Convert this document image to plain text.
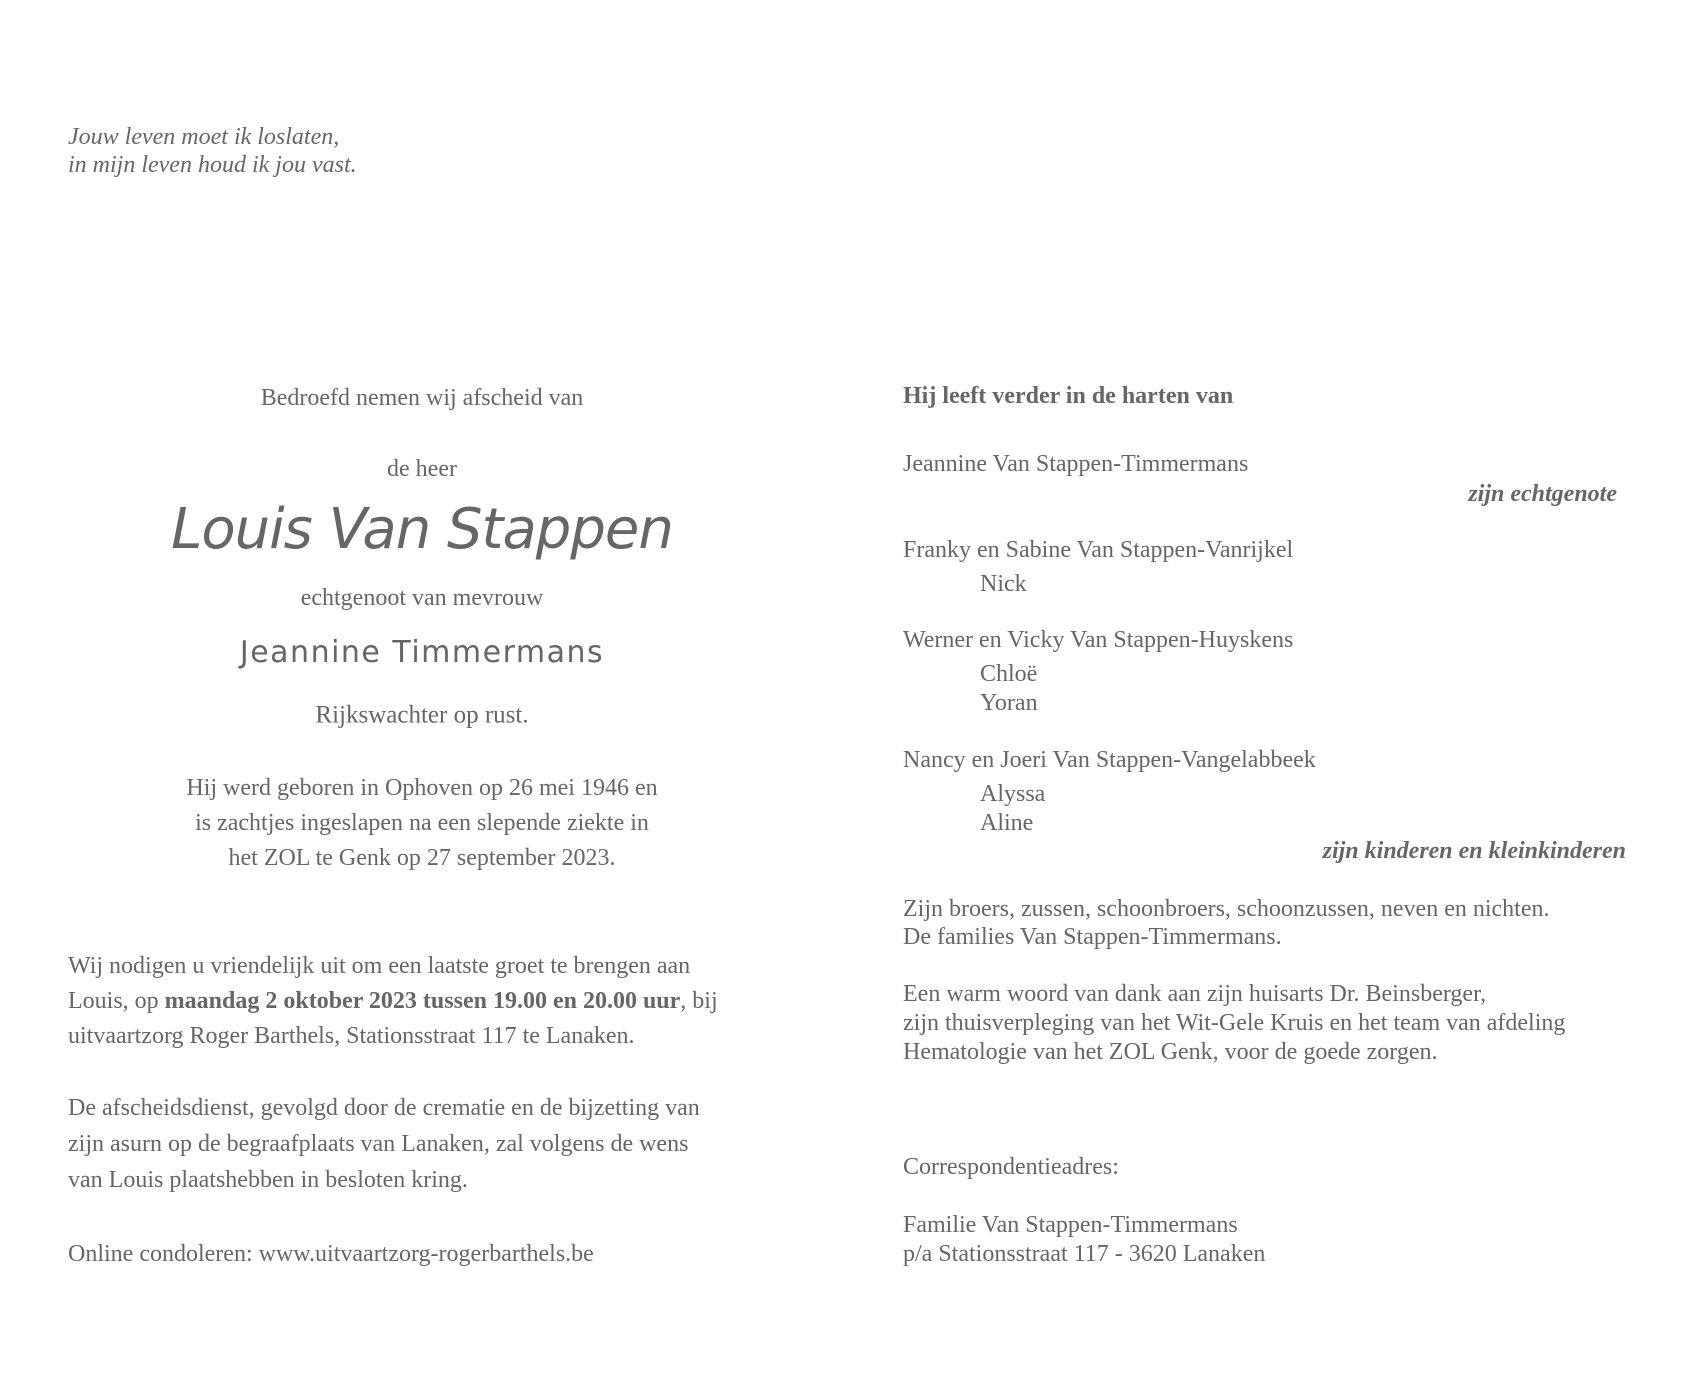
Jouw leven moet ik loslaten,
in mijn leven houd ik jou vast.
Bedroefd nemen wij afscheid van
de heer
Louis Van Stappen
echtgenoot van mevrouw
Jeannine Timmermans
Rijkswachter op rust.
Hij werd geboren in Ophoven op 26 mei 1946 en
is zachtjes ingeslapen na een slepende ziekte in
het ZOL te Genk op 27 september 2023.
Wij nodigen u vriendelijk uit om een laatste groet te brengen aan
Louis, op maandag 2 oktober 2023 tussen 19.00 en 20.00 uur, bij
uitvaartzorg Roger Barthels, Stationsstraat 117 te Lanaken.
De afscheidsdienst, gevolgd door de crematie en de bijzetting van
zijn asurn op de begraafplaats van Lanaken, zal volgens de wens
van Louis plaatshebben in besloten kring.
Online condoleren: www.uitvaartzorg-rogerbarthels.be
Hij leeft verder in de harten van
Jeannine Van Stappen-Timmermans
zijn echtgenote
Franky en Sabine Van Stappen-Vanrijkel
Nick
Werner en Vicky Van Stappen-Huyskens
Chloë
Yoran
Nancy en Joeri Van Stappen-Vangelabbeek
Alyssa
Aline
zijn kinderen en kleinkinderen
Zijn broers, zussen, schoonbroers, schoonzussen, neven en nichten.
De families Van Stappen-Timmermans.
Een warm woord van dank aan zijn huisarts Dr. Beinsberger,
zijn thuisverpleging van het Wit-Gele Kruis en het team van afdeling
Hematologie van het ZOL Genk, voor de goede zorgen.
Correspondentieadres:
Familie Van Stappen-Timmermans
p/a Stationsstraat 117 - 3620 Lanaken
